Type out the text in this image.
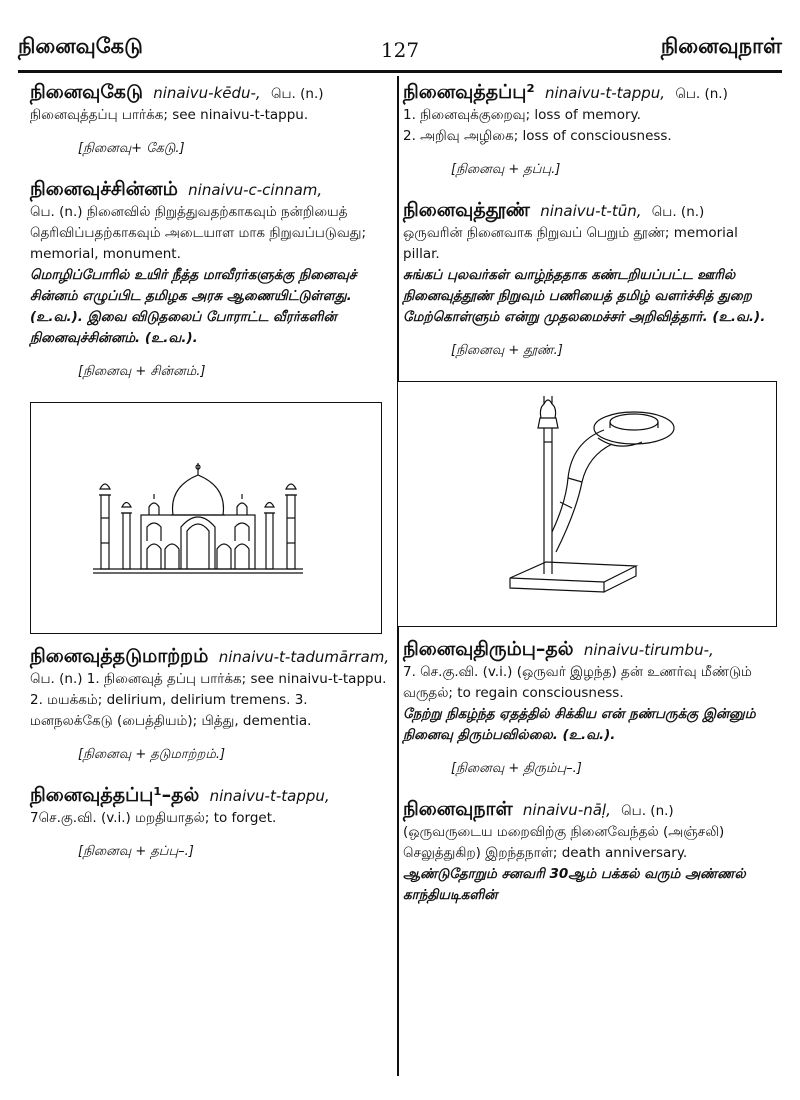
நினைவுகேடு	127	நினைவுநாள்
நினைவுகேடு ninaivu-kēdu-, பெ. (n.)
நினைவுத்தப்பு பார்க்க; see ninaivu-t-tappu.
[நினைவு+ கேடு.]
நினைவுச்சின்னம் ninaivu-c-cinnam,
பெ. (n.) நினைவில் நிறுத்துவதற்காகவும் நன்றியைத் தெரிவிப்பதற்காகவும் அடையாள மாக நிறுவப்படுவது; memorial, monument.
மொழிப்போரில் உயிர் நீத்த மாவீரர்களுக்கு நினைவுச் சின்னம் எழுப்பிட தமிழக அரசு ஆணையிட்டுள்ளது.(உ.வ.). இவை விடுதலைப் போராட்ட வீரர்களின் நினைவுச்சின்னம். (உ.வ.).
[நினைவு + சின்னம்.]
நினைவுத்தடுமாற்றம் ninaivu-t-tadumārram,
பெ. (n.) 1. நினைவுத் தப்பு பார்க்க; see ninaivu-t-tappu. 2. மயக்கம்; delirium, delirium tremens. 3. மனநலக்கேடு (பைத்தியம்); பித்து, dementia.
[நினைவு + தடுமாற்றம்.]
நினைவுத்தப்பு¹–தல் ninaivu-t-tappu,
7செ.கு.வி. (v.i.) மறதியாதல்; to forget.
[நினைவு + தப்பு–.]
நினைவுத்தப்பு² ninaivu-t-tappu, பெ. (n.)
1. நினைவுக்குறைவு; loss of memory.
2. அறிவு அழிகை; loss of consciousness.
[நினைவு + தப்பு.]
நினைவுத்தூண் ninaivu-t-tūn, பெ. (n.)
ஒருவரின் நினைவாக நிறுவப் பெறும் தூண்; memorial pillar.
சுங்கப் புலவர்கள் வாழ்ந்ததாக கண்டறியப்பட்ட ஊரில் நினைவுத்தூண் நிறுவும் பணியைத் தமிழ் வளர்ச்சித் துறை மேற்கொள்ளும் என்று முதலமைச்சர் அறிவித்தார். (உ.வ.).
[நினைவு + தூண்.]
நினைவுதிரும்பு–தல் ninaivu-tirumbu-,
7. செ.கு.வி. (v.i.) (ஒருவர் இழந்த) தன் உணர்வு மீண்டும் வருதல்; to regain consciousness.
நேற்று நிகழ்ந்த ஏதத்தில் சிக்கிய என் நண்பருக்கு இன்னும் நினைவு திரும்பவில்லை. (உ.வ.).
[நினைவு + திரும்பு–.]
நினைவுநாள் ninaivu-nāḷ, பெ. (n.)
(ஒருவருடைய மறைவிற்கு நினைவேந்தல் (அஞ்சலி) செலுத்துகிற) இறந்தநாள்; death anniversary.
ஆண்டுதோறும் சனவரி 30ஆம் பக்கல் வரும் அண்ணல் காந்தியடிகளின்
